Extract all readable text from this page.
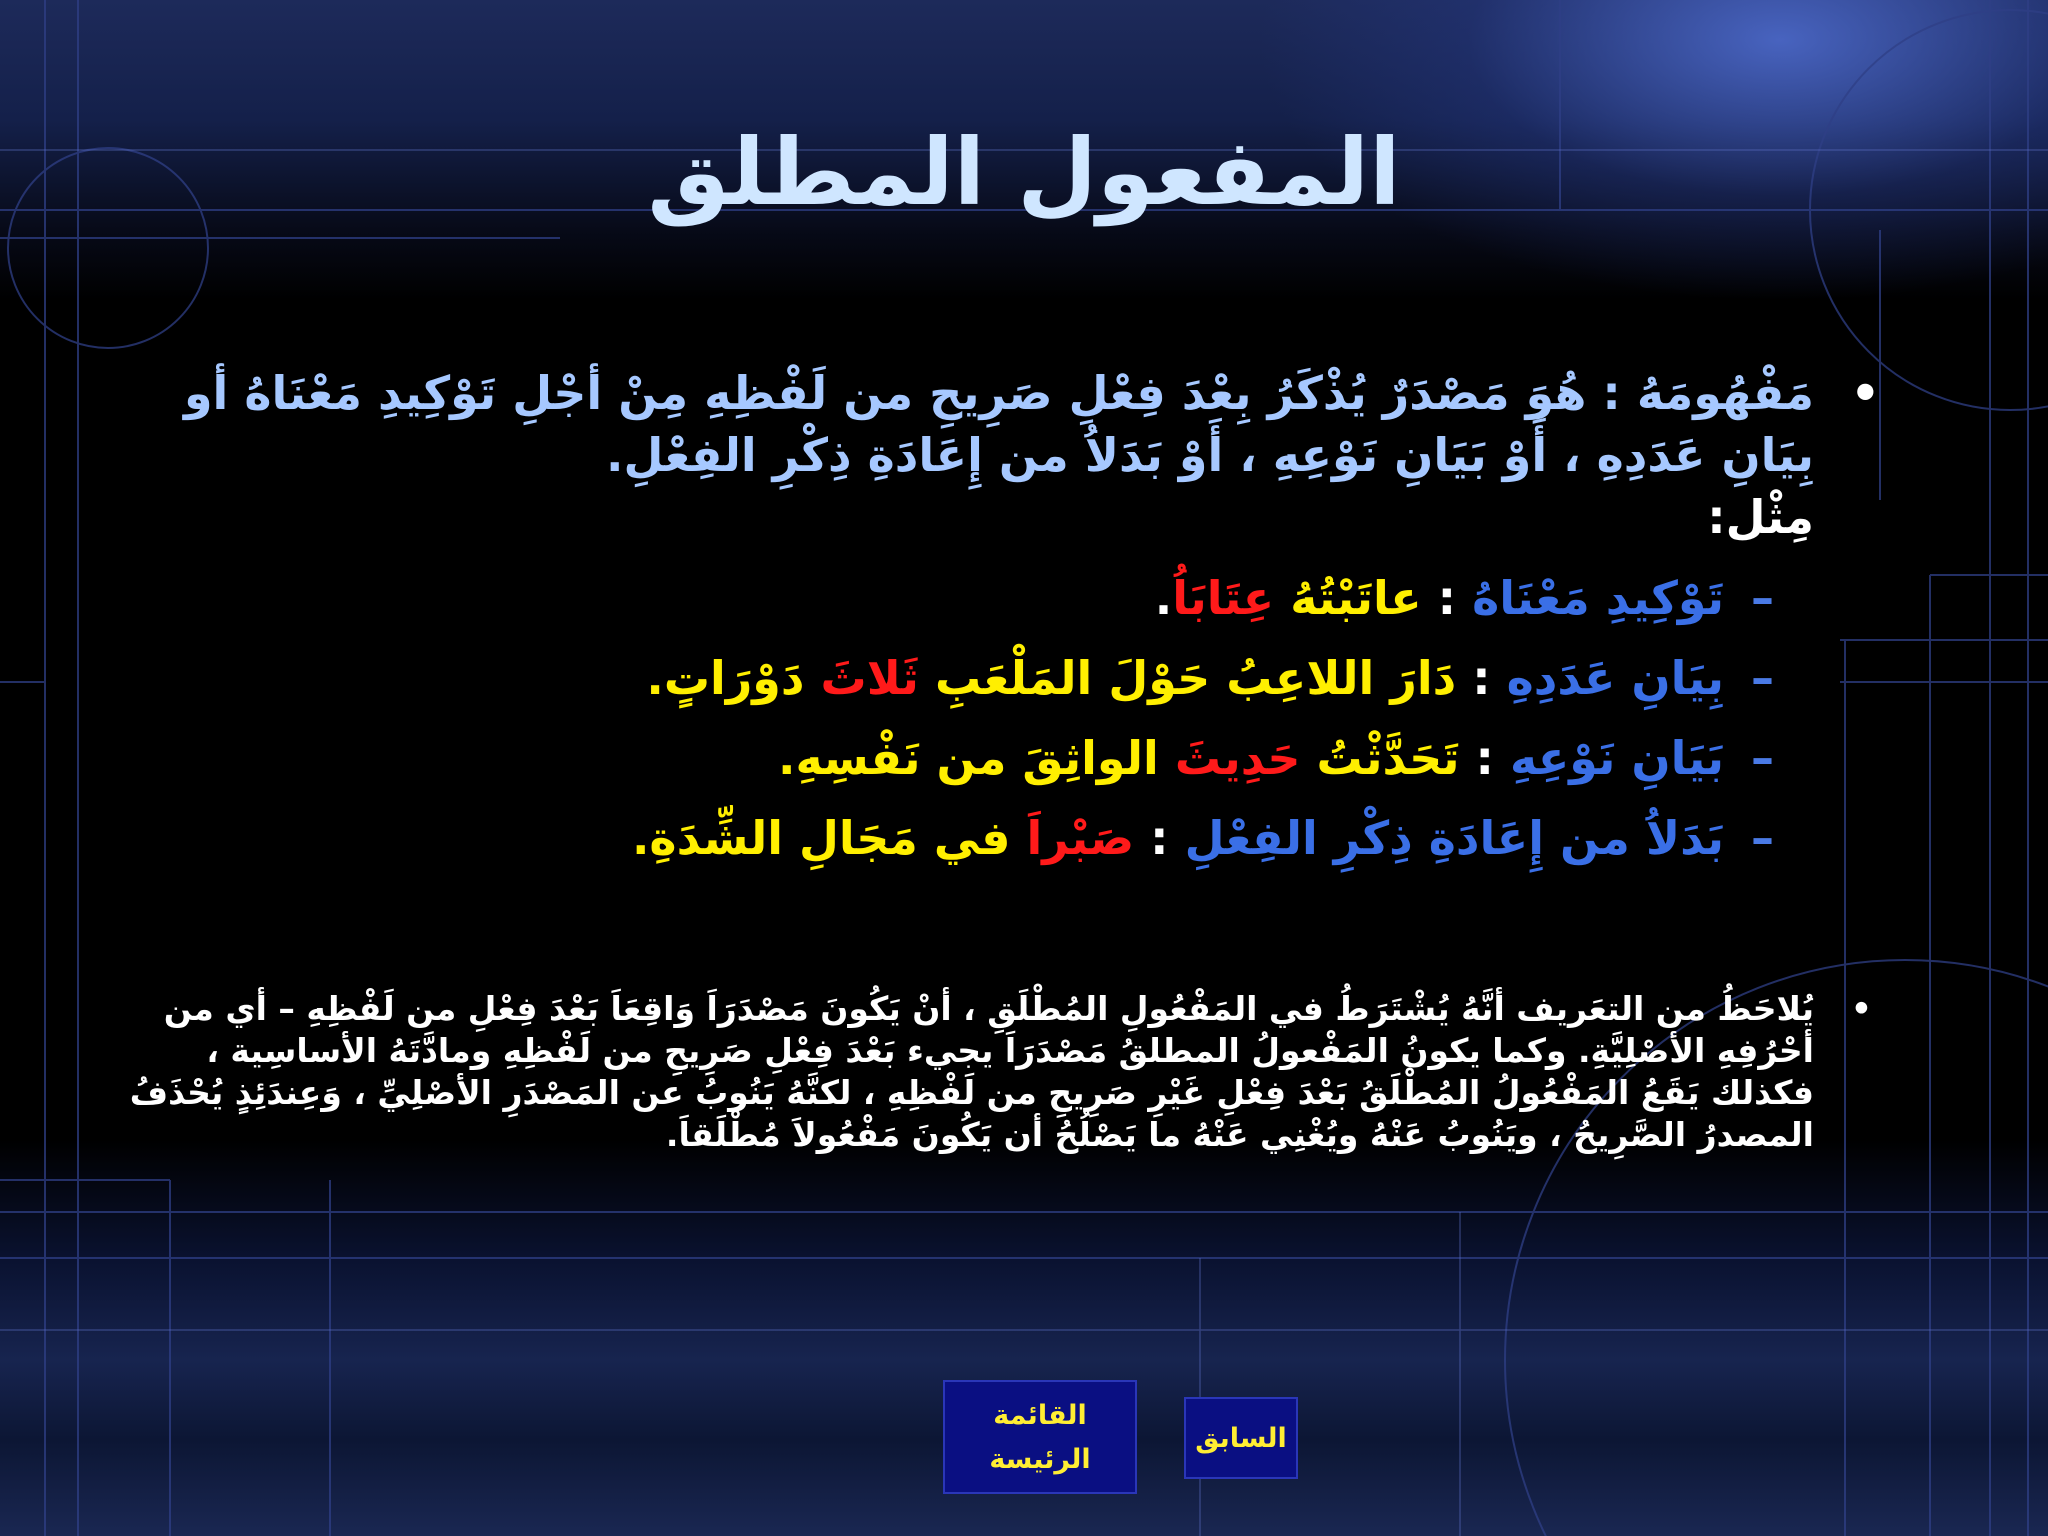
المفعول المطلق
•
مَفْهُومَهُ : هُوَ مَصْدَرٌ يُذْكَرُ بِعْدَ فِعْلِ صَرِيحِ من لَفْظِهِ مِنْ أجْلِ تَوْكِيدِ مَعْنَاهُ أو بِيَانِ عَدَدِهِ ، أَوْ بَيَانِ نَوْعِهِ ، أَوْ بَدَلاُ من إِعَادَةِ ذِكْرِ الفِعْلِ.
مِثْل:
–
تَوْكِيدِ مَعْنَاهُ : عاتَبْتُهُ عِتَابَاُ.
–
بِيَانِ عَدَدِهِ : دَارَ اللاعِبُ حَوْلَ المَلْعَبِ ثَلاثَ دَوْرَاتٍ.
–
بَيَانِ نَوْعِهِ : تَحَدَّثْتُ حَدِيثَ الواثِقَ من نَفْسِهِ.
–
بَدَلاُ من إِعَادَةِ ذِكْرِ الفِعْلِ : صَبْراَ في مَجَالِ الشِّدَةِ.
•
يُلاحَظُ من التعَريف أنَّهُ يُشْتَرَطُ في المَفْعُولِ المُطْلَقِ ، أنْ يَكُونَ مَصْدَرَاَ وَاقِعَاَ بَعْدَ فِعْلِ من لَفْظِهِ – أي من أحْرُفِهِ الأصْلِيَّةِ. وكما يكونُ المَفْعولُ المطلقُ مَصْدَرَاَ يجيء بَعْدَ فِعْلِ صَرِيحِ من لَفْظِهِ ومادَّتَهُ الأساسِية ، فكذلك يَقَعُ المَفْعُولُ المُطْلَقُ بَعْدَ فِعْلِ غَيْرِ صَرِيحِ من لَفْظِهِ ، لكنَّهُ يَنُوبُ عن المَصْدَرِ الأصْلِيِّ ، وَعِندَئِذٍ يُحْذَفُ المصدرُ الصَّرِيحُ ، ويَنُوبُ عَنْهُ ويُغْنِي عَنْهُ ما يَصْلُحُ أن يَكُونَ مَفْعُولاَ مُطْلَقاَ.
القائمة
الرئيسة
السابق
